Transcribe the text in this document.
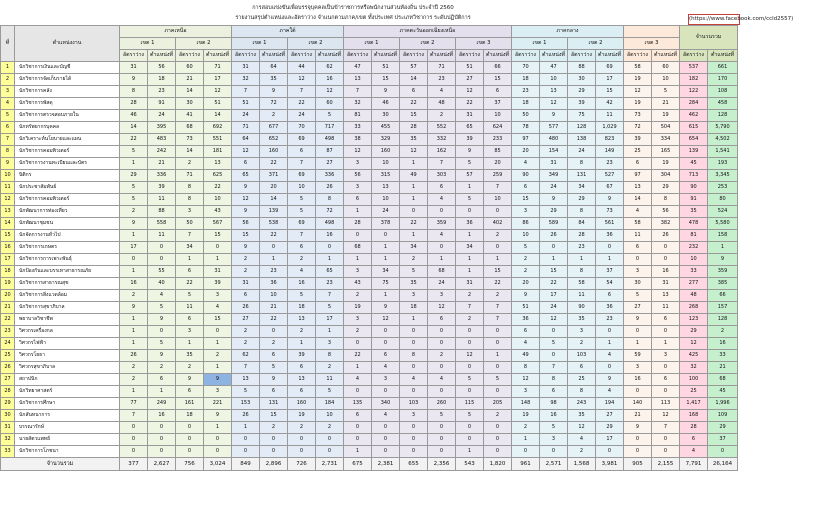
การสอบแข่งขันเพื่อบรรจุบุคคลเป็นข้าราชการหรือพนักงานส่วนท้องถิ่น ประจำปี 2560
รายงานสรุปตำแหน่งและอัตราว่าง จำแนกตามภาค/เขต ทั้งประเทศ ประเภทวิชาการ ระดับปฏิบัติการ	(https://www.facebook.com/ccld2557)
ที่	ตำแหน่งงาน	ภาคเหนือ				ภาคใต้				ภาคตะวันออกเฉียงเหนือ						ภาคกลาง						จำนวนรวม	
		เขต 1		เขต 2		เขต 1		เขต 2		เขต 1		เขต 2		เขต 3		เขต 1		เขต 2		เขต 3			
		อัตราว่าง	ตำแหน่งที่	อัตราว่าง	ตำแหน่งที่	อัตราว่าง	ตำแหน่งที่	อัตราว่าง	ตำแหน่งที่	อัตราว่าง	ตำแหน่งที่	อัตราว่าง	ตำแหน่งที่	อัตราว่าง	ตำแหน่งที่	อัตราว่าง	ตำแหน่งที่	อัตราว่าง	ตำแหน่งที่	อัตราว่าง	ตำแหน่งที่	อัตราว่าง	ตำแหน่งที่
1	นักวิชาการเงินและบัญชี	31	56	60	71	31	64	44	62	47	51	57	71	51	66	70	47	88	69	58	60	537	661
2	นักวิชาการจัดเก็บรายได้	9	18	21	17	32	35	12	16	13	15	14	23	27	15	18	10	30	17	19	10	182	170
3	นักวิชาการคลัง	8	23	14	12	7	9	7	12	7	9	6	4	12	6	23	13	29	15	12	5	122	108
4	นักวิชาการพัสดุ	28	91	30	51	51	72	22	60	32	46	22	48	22	37	18	12	39	42	19	21	284	458
5	นักวิชาการตรวจสอบภายใน	46	24	41	14	24	2	24	5	81	30	15	2	31	10	50	9	75	11	73	19	462	128
6	นักทรัพยากรบุคคล	14	395	68	692	71	677	70	717	33	455	28	552	65	624	78	577	128	1,029	72	504	615	5,790
7	นักวิเคราะห์นโยบายและแผน	22	483	73	551	64	652	69	498	38	329	35	332	39	233	97	480	138	823	39	334	654	4,502
8	นักวิชาการคอมพิวเตอร์	5	242	14	181	12	160	6	87	12	160	12	162	9	85	20	154	24	149	25	165	139	1,541
9	นักวิชาการงานทะเบียนและบัตร	1	21	2	13	6	22	7	27	3	10	1	7	5	20	4	31	8	23	6	19	45	193
10	นิติกร	29	336	71	625	65	371	69	336	56	315	49	303	57	259	90	349	131	527	97	304	713	3,345
11	นักประชาสัมพันธ์	5	39	8	22	9	20	10	26	3	13	1	6	1	7	6	24	34	67	13	29	90	253
12	นักวิชาการคอมพิวเตอร์	5	11	8	10	12	14	5	8	6	10	1	4	5	10	15	9	29	9	14	8	91	80
13	นักพัฒนาการท่องเที่ยว	2	88	3	43	9	139	5	72	1	24	0	0	0	0	3	29	8	73	4	56	35	524
14	นักพัฒนาชุมชน	9	558	50	567	56	538	69	498	28	378	22	359	36	402	86	589	84	561	58	382	478	5,580
15	นักจัดการงานทั่วไป	1	11	7	15	15	22	7	16	0	0	1	4	1	2	10	26	28	36	11	26	81	158
16	นักวิชาการเกษตร	17	0	34	0	9	0	6	0	68	1	34	0	34	0	5	0	23	0	6	0	232	1
17	นักวิชาการการเพาะพันธุ์	0	0	1	1	2	1	2	1	1	1	2	1	1	1	2	1	1	1	0	0	10	9
18	นักป้องกันและบรรเทาสาธารณภัย	1	55	6	31	2	23	4	65	3	34	5	68	1	15	2	15	8	37	3	16	33	359
19	นักวิชาการสาธารณสุข	16	40	22	39	31	36	16	23	43	75	35	24	31	22	20	22	58	54	30	31	277	385
20	นักวิชาการสิ่งแวดล้อม	2	4	5	3	6	10	5	7	2	1	3	3	2	2	9	17	11	6	5	13	48	66
21	นักวิชาการสุขาภิบาล	9	5	11	4	26	21	18	5	19	9	18	12	7	7	51	24	90	36	27	11	268	157
22	พยาบาลวิชาชีพ	1	9	6	15	27	22	13	17	3	12	1	6	2	7	36	12	35	23	9	6	123	128
23	วิศวกรเครื่องกล	1	0	3	0	2	0	2	1	2	0	0	0	0	0	6	0	3	0	0	0	29	2
24	วิศวกรไฟฟ้า	1	5	1	1	2	2	1	3	0	0	0	0	0	0	4	5	2	1	1	1	12	16
25	วิศวกรโยธา	26	9	35	2	62	6	39	8	22	6	8	2	12	1	49	0	103	4	59	3	425	33
26	วิศวกรสุขาภิบาล	2	2	2	1	7	5	6	2	1	4	0	0	0	0	8	7	6	0	3	0	32	21
27	สถาปนิก	2	6	9	9	13	9	13	11	4	3	4	4	5	5	12	8	25	9	16	6	100	68
28	นักวิทยาศาสตร์	1	1	6	3	5	6	6	5	0	0	0	0	0	0	3	6	8	4	0	0	25	45
29	นักวิชาการศึกษา	77	249	161	221	153	131	160	184	135	340	103	260	115	205	148	98	243	194	140	113	1,417	1,996
30	นักสันทนาการ	7	16	18	9	26	15	19	10	6	4	3	5	5	2	19	16	35	27	21	12	168	109
31	บรรณารักษ์	0	0	0	1	1	2	2	2	0	0	0	0	0	0	2	5	12	29	9	7	28	29
32	นายสัตวแพทย์	0	0	0	0	0	0	0	0	0	0	0	0	0	0	1	3	4	17	0	0	6	37
33	นักวิชาการโภชนา	0	0	0	0	0	0	0	0	1	0	0	0	1	0	0	0	2	0	0	0	4	0
จำนวนรวม		377	2,627	756	3,024	849	2,896	726	2,731	675	2,381	655	2,356	543	1,820	961	2,571	1,568	3,981	905	2,155	7,791	26,164
